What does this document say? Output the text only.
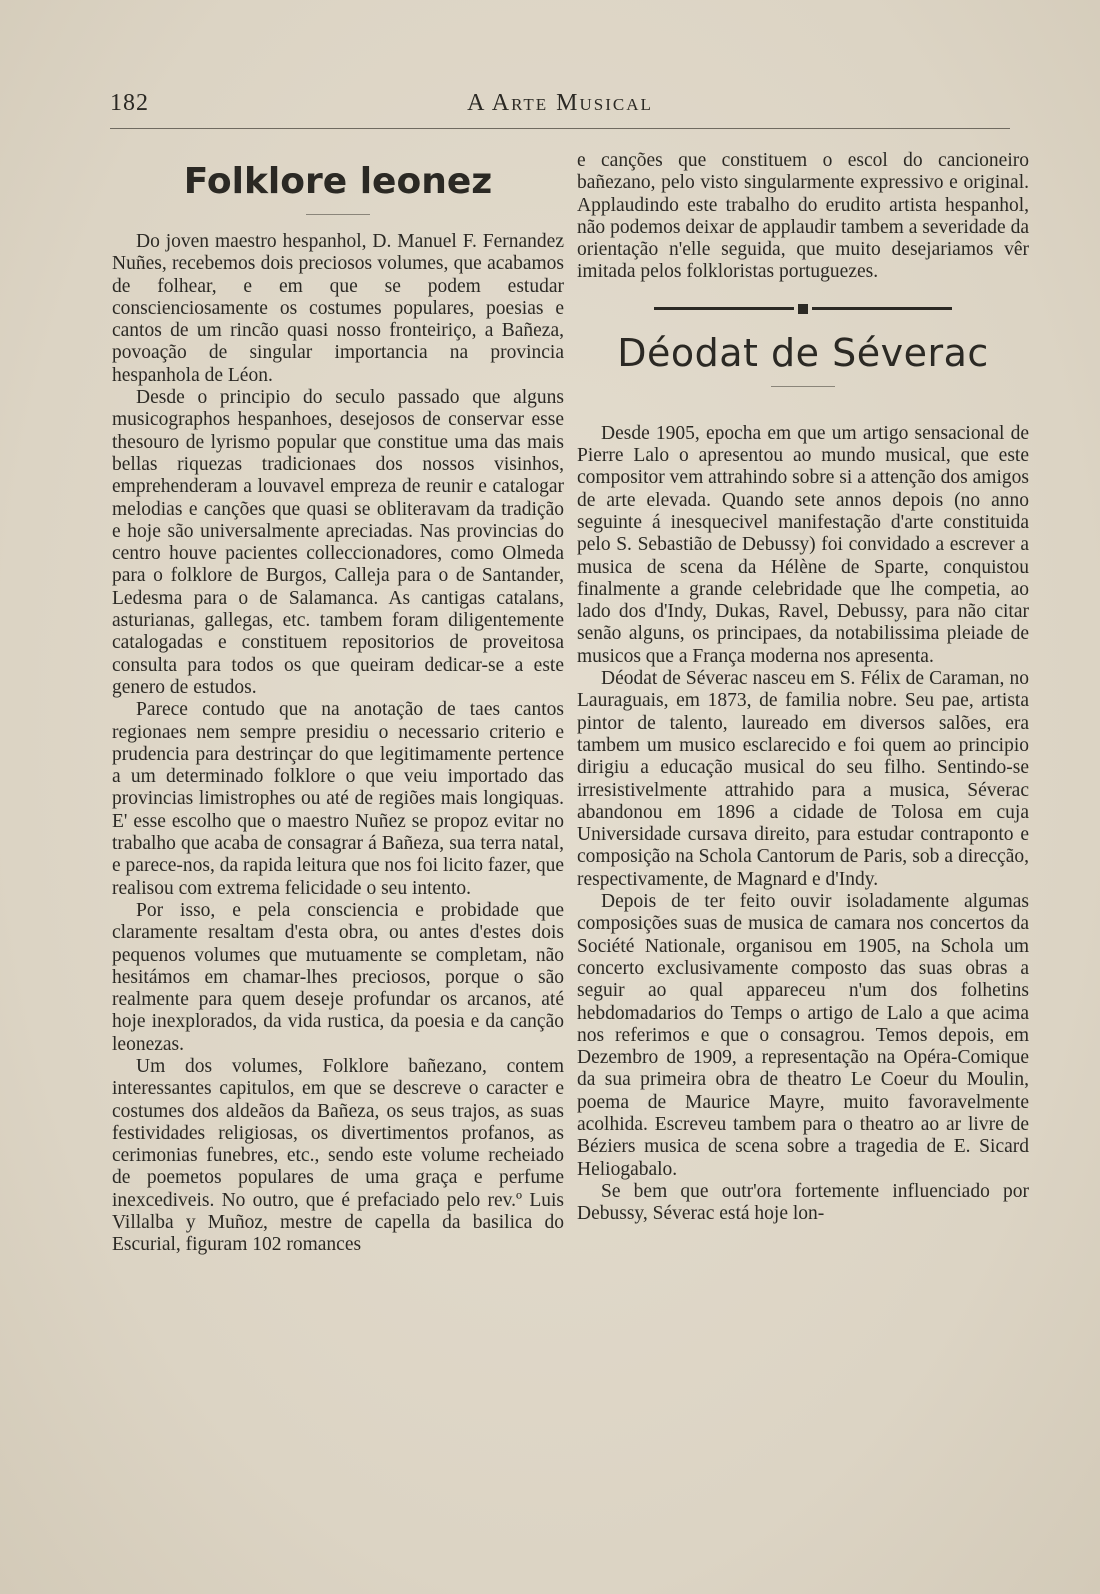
182	A Arte Musical
Folklore leonez

Do joven maestro hespanhol, D. Manuel F. Fernandez Nuñes, recebemos dois preciosos volumes, que acabamos de folhear, e em que se podem estudar conscienciosamente os costumes populares, poesias e cantos de um rincão quasi nosso fronteiriço, a Bañeza, povoação de singular importancia na provincia hespanhola de Léon.

Desde o principio do seculo passado que alguns musicographos hespanhoes, desejosos de conservar esse thesouro de lyrismo popular que constitue uma das mais bellas riquezas tradicionaes dos nossos visinhos, emprehenderam a louvavel empreza de reunir e catalogar melodias e canções que quasi se obliteravam da tradição e hoje são universalmente apreciadas. Nas provincias do centro houve pacientes colleccionadores, como Olmeda para o folklore de Burgos, Calleja para o de Santander, Ledesma para o de Salamanca. As cantigas catalans, asturianas, gallegas, etc. tambem foram diligentemente catalogadas e constituem repositorios de proveitosa consulta para todos os que queiram dedicar-se a este genero de estudos.

Parece contudo que na anotação de taes cantos regionaes nem sempre presidiu o necessario criterio e prudencia para destrinçar do que legitimamente pertence a um determinado folklore o que veiu importado das provincias limistrophes ou até de regiões mais longiquas. E' esse escolho que o maestro Nuñez se propoz evitar no trabalho que acaba de consagrar á Bañeza, sua terra natal, e parece-nos, da rapida leitura que nos foi licito fazer, que realisou com extrema felicidade o seu intento.

Por isso, e pela consciencia e probidade que claramente resaltam d'esta obra, ou antes d'estes dois pequenos volumes que mutuamente se completam, não hesitámos em chamar-lhes preciosos, porque o são realmente para quem deseje profundar os arcanos, até hoje inexplorados, da vida rustica, da poesia e da canção leonezas.

Um dos volumes, Folklore bañezano, contem interessantes capitulos, em que se descreve o caracter e costumes dos aldeãos da Bañeza, os seus trajos, as suas festividades religiosas, os divertimentos profanos, as cerimonias funebres, etc., sendo este volume recheiado de poemetos populares de uma graça e perfume inexcediveis. No outro, que é prefaciado pelo rev.º Luis Villalba y Muñoz, mestre de capella da basilica do Escurial, figuram 102 romances

e canções que constituem o escol do cancioneiro bañezano, pelo visto singularmente expressivo e original. Applaudindo este trabalho do erudito artista hespanhol, não podemos deixar de applaudir tambem a severidade da orientação n'elle seguida, que muito desejariamos vêr imitada pelos folkloristas portuguezes.

Déodat de Séverac

Desde 1905, epocha em que um artigo sensacional de Pierre Lalo o apresentou ao mundo musical, que este compositor vem attrahindo sobre si a attenção dos amigos de arte elevada. Quando sete annos depois (no anno seguinte á inesquecivel manifestação d'arte constituida pelo S. Sebastião de Debussy) foi convidado a escrever a musica de scena da Hélène de Sparte, conquistou finalmente a grande celebridade que lhe competia, ao lado dos d'Indy, Dukas, Ravel, Debussy, para não citar senão alguns, os principaes, da notabilissima pleiade de musicos que a França moderna nos apresenta.

Déodat de Séverac nasceu em S. Félix de Caraman, no Lauraguais, em 1873, de familia nobre. Seu pae, artista pintor de talento, laureado em diversos salões, era tambem um musico esclarecido e foi quem ao principio dirigiu a educação musical do seu filho. Sentindo-se irresistivelmente attrahido para a musica, Séverac abandonou em 1896 a cidade de Tolosa em cuja Universidade cursava direito, para estudar contraponto e composição na Schola Cantorum de Paris, sob a direcção, respectivamente, de Magnard e d'Indy.

Depois de ter feito ouvir isoladamente algumas composições suas de musica de camara nos concertos da Société Nationale, organisou em 1905, na Schola um concerto exclusivamente composto das suas obras a seguir ao qual appareceu n'um dos folhetins hebdomadarios do Temps o artigo de Lalo a que acima nos referimos e que o consagrou. Temos depois, em Dezembro de 1909, a representação na Opéra-Comique da sua primeira obra de theatro Le Coeur du Moulin, poema de Maurice Mayre, muito favoravelmente acolhida. Escreveu tambem para o theatro ao ar livre de Béziers musica de scena sobre a tragedia de E. Sicard Heliogabalo.

Se bem que outr'ora fortemente influenciado por Debussy, Séverac está hoje lon-
